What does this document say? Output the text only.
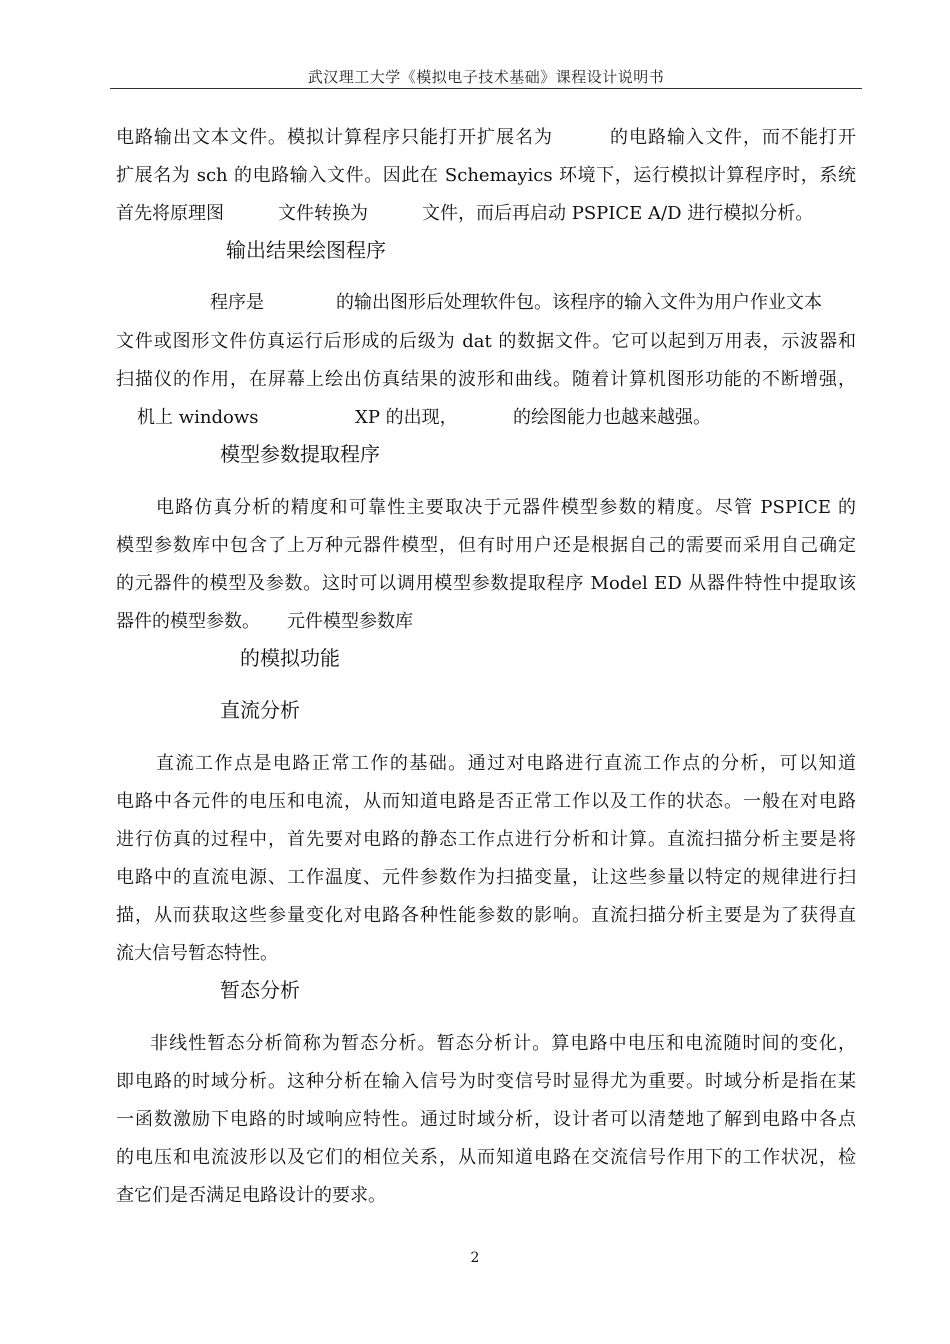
武汉理工大学《模拟电子技术基础》课程设计说明书
电路输出文本文件。模拟计算程序只能打开扩展名为　　　的电路输入文件，而不能打开
扩展名为 sch 的电路输入文件。因此在 Schemayics 环境下，运行模拟计算程序时，系统
首先将原理图　　　文件转换为　　　文件，而后再启动 PSPICE A/D 进行模拟分析。
输出结果绘图程序
程序是　　　　的输出图形后处理软件包。该程序的输入文件为用户作业文本
文件或图形文件仿真运行后形成的后级为 dat 的数据文件。它可以起到万用表，示波器和
扫描仪的作用，在屏幕上绘出仿真结果的波形和曲线。随着计算机图形功能的不断增强，
机上 windows	XP 的出现，	的绘图能力也越来越强。
模型参数提取程序
电路仿真分析的精度和可靠性主要取决于元器件模型参数的精度。尽管 PSPICE 的
模型参数库中包含了上万种元器件模型，但有时用户还是根据自己的需要而采用自己确定
的元器件的模型及参数。这时可以调用模型参数提取程序 Model ED 从器件特性中提取该
器件的模型参数。　　元件模型参数库
的模拟功能
直流分析
直流工作点是电路正常工作的基础。通过对电路进行直流工作点的分析，可以知道
电路中各元件的电压和电流，从而知道电路是否正常工作以及工作的状态。一般在对电路
进行仿真的过程中，首先要对电路的静态工作点进行分析和计算。直流扫描分析主要是将
电路中的直流电源、工作温度、元件参数作为扫描变量，让这些参量以特定的规律进行扫
描，从而获取这些参量变化对电路各种性能参数的影响。直流扫描分析主要是为了获得直
流大信号暂态特性。
暂态分析
非线性暂态分析简称为暂态分析。暂态分析计。算电路中电压和电流随时间的变化，
即电路的时域分析。这种分析在输入信号为时变信号时显得尤为重要。时域分析是指在某
一函数激励下电路的时域响应特性。通过时域分析，设计者可以清楚地了解到电路中各点
的电压和电流波形以及它们的相位关系，从而知道电路在交流信号作用下的工作状况，检
查它们是否满足电路设计的要求。
2
